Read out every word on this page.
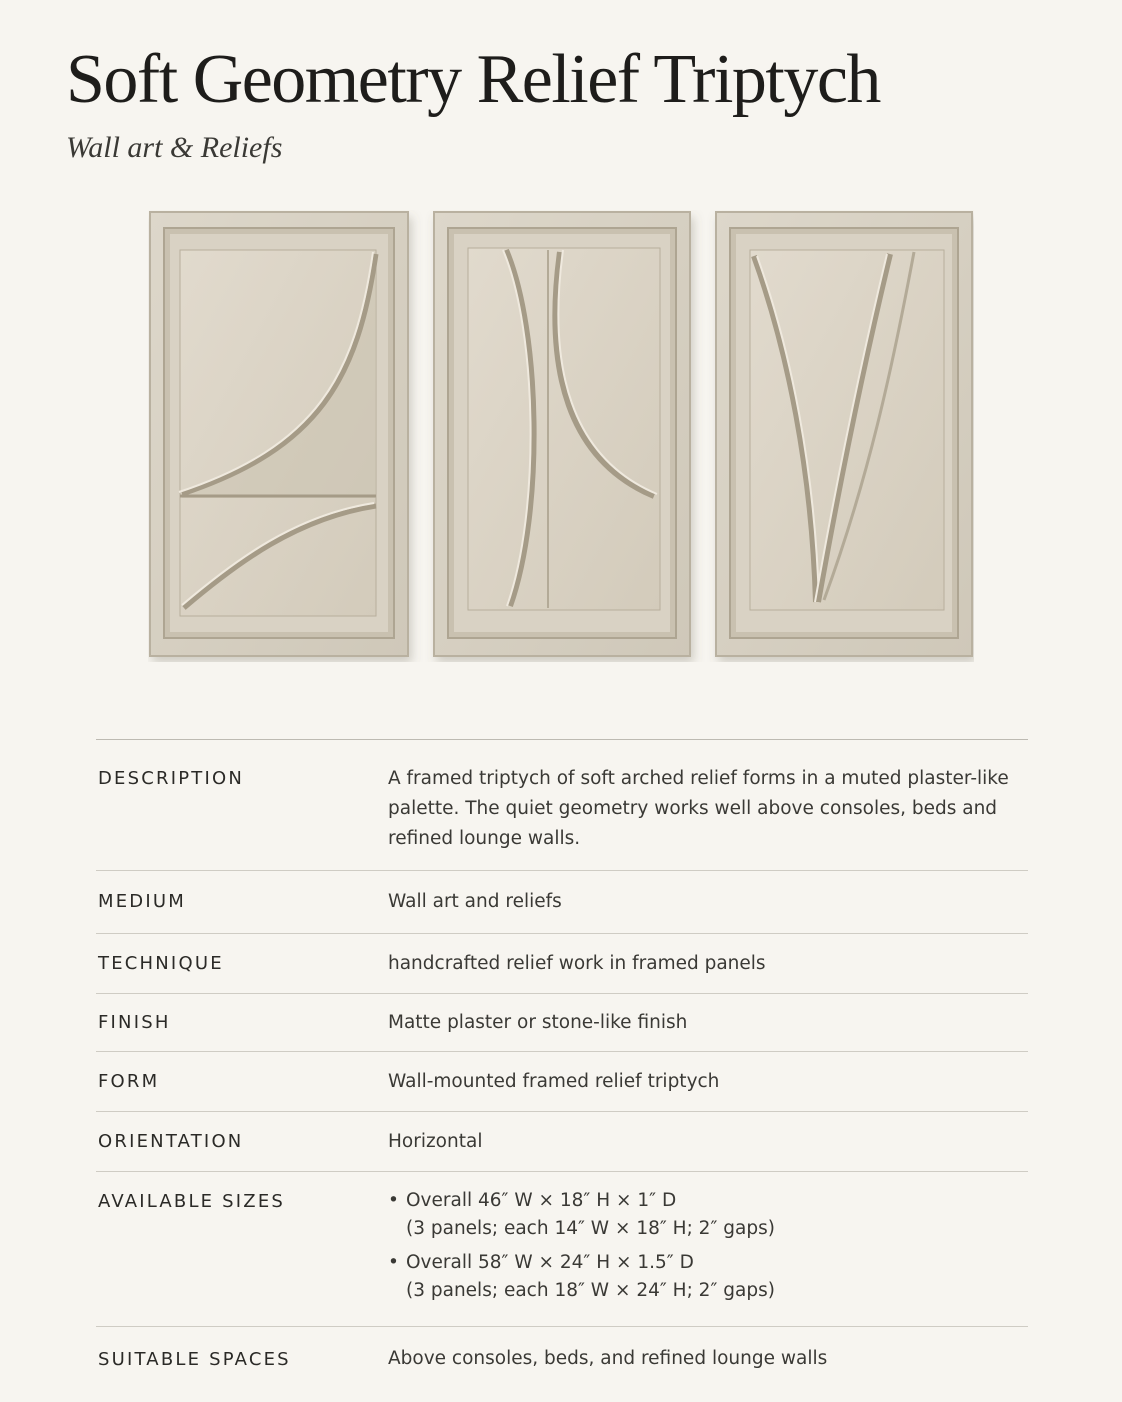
Soft Geometry Relief Triptych
Wall art & Reliefs
DESCRIPTION	A framed triptych of soft arched relief forms in a muted plaster-like
palette. The quiet geometry works well above consoles, beds and
refined lounge walls.
MEDIUM	Wall art and reliefs
TECHNIQUE	handcrafted relief work in framed panels
FINISH	Matte plaster or stone-like finish
FORM	Wall-mounted framed relief triptych
ORIENTATION	Horizontal
AVAILABLE SIZES	• Overall 46″ W × 18″ H × 1″ D
(3 panels; each 14″ W × 18″ H; 2″ gaps)
• Overall 58″ W × 24″ H × 1.5″ D
(3 panels; each 18″ W × 24″ H; 2″ gaps)
SUITABLE SPACES	Above consoles, beds, and refined lounge walls
